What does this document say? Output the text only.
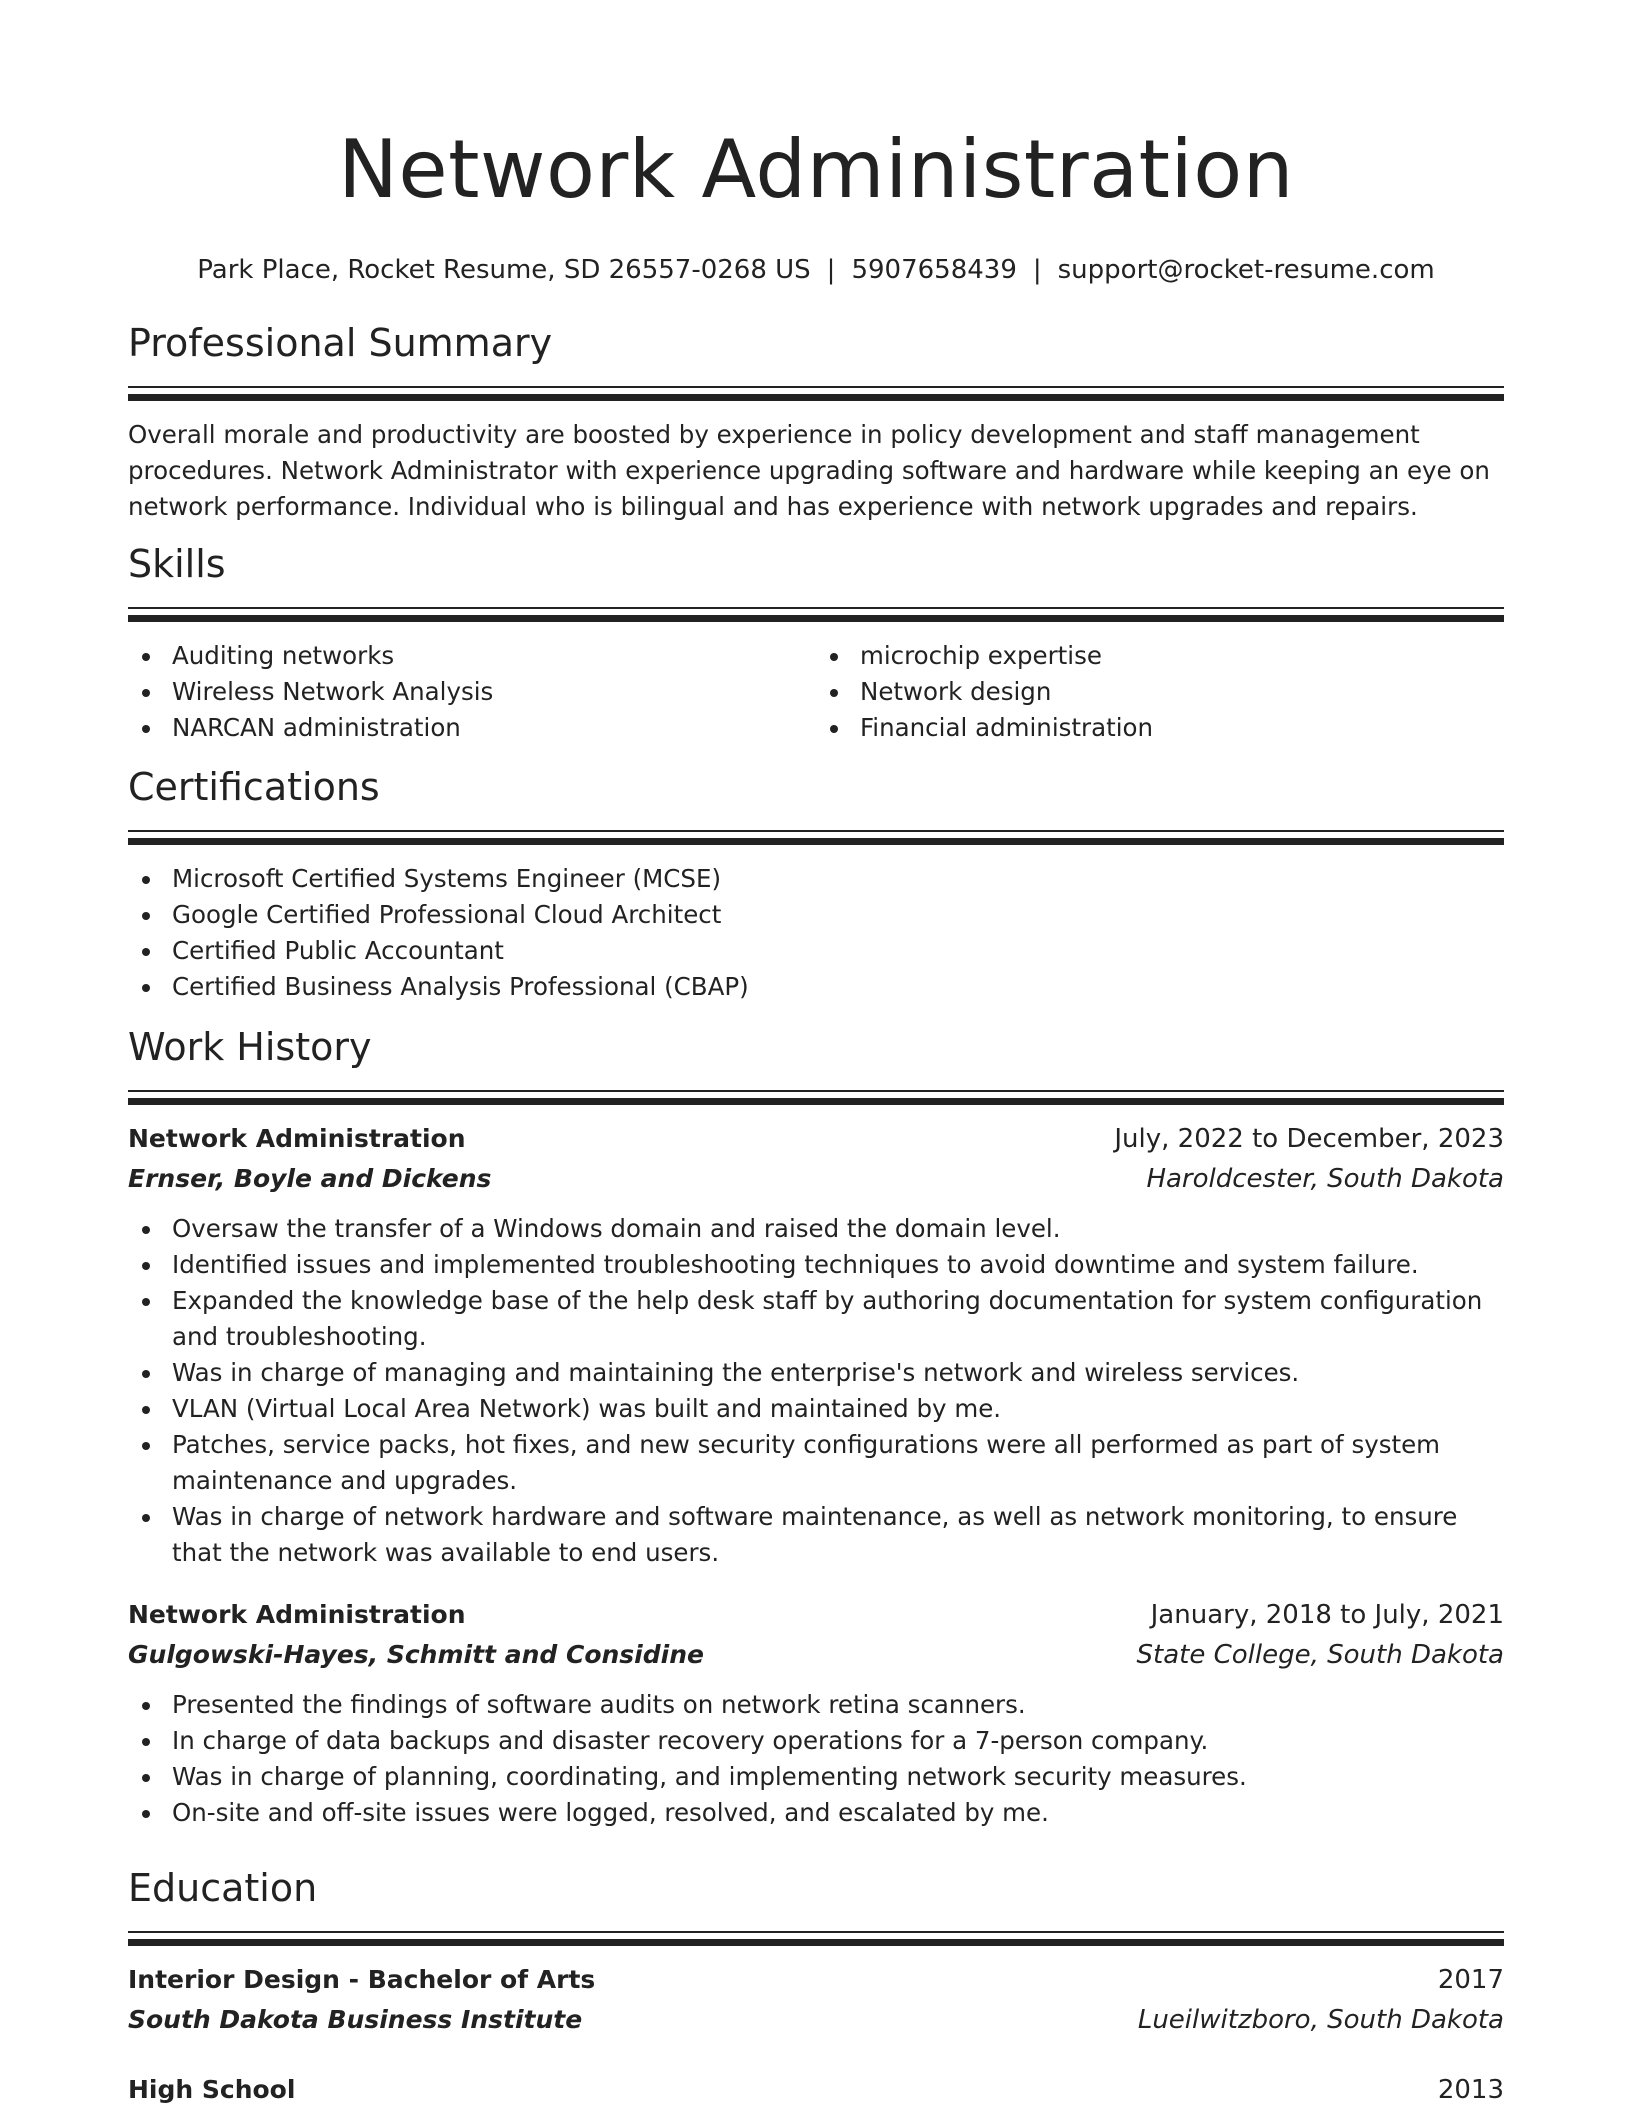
Network Administration
Park Place, Rocket Resume, SD 26557-0268 US | 5907658439 | support@rocket-resume.com
Professional Summary
Overall morale and productivity are boosted by experience in policy development and staff management procedures. Network Administrator with experience upgrading software and hardware while keeping an eye on network performance. Individual who is bilingual and has experience with network upgrades and repairs.
Skills
Auditing networks
Wireless Network Analysis
NARCAN administration
microchip expertise
Network design
Financial administration
Certifications
Microsoft Certified Systems Engineer (MCSE)
Google Certified Professional Cloud Architect
Certified Public Accountant
Certified Business Analysis Professional (CBAP)
Work History
Network Administration	July, 2022 to December, 2023
Ernser, Boyle and Dickens	Haroldcester, South Dakota
Oversaw the transfer of a Windows domain and raised the domain level.
Identified issues and implemented troubleshooting techniques to avoid downtime and system failure.
Expanded the knowledge base of the help desk staff by authoring documentation for system configuration and troubleshooting.
Was in charge of managing and maintaining the enterprise's network and wireless services.
VLAN (Virtual Local Area Network) was built and maintained by me.
Patches, service packs, hot fixes, and new security configurations were all performed as part of system maintenance and upgrades.
Was in charge of network hardware and software maintenance, as well as network monitoring, to ensure that the network was available to end users.
Network Administration	January, 2018 to July, 2021
Gulgowski-Hayes, Schmitt and Considine	State College, South Dakota
Presented the findings of software audits on network retina scanners.
In charge of data backups and disaster recovery operations for a 7-person company.
Was in charge of planning, coordinating, and implementing network security measures.
On-site and off-site issues were logged, resolved, and escalated by me.
Education
Interior Design - Bachelor of Arts	2017
South Dakota Business Institute	Lueilwitzboro, South Dakota
High School	2013
